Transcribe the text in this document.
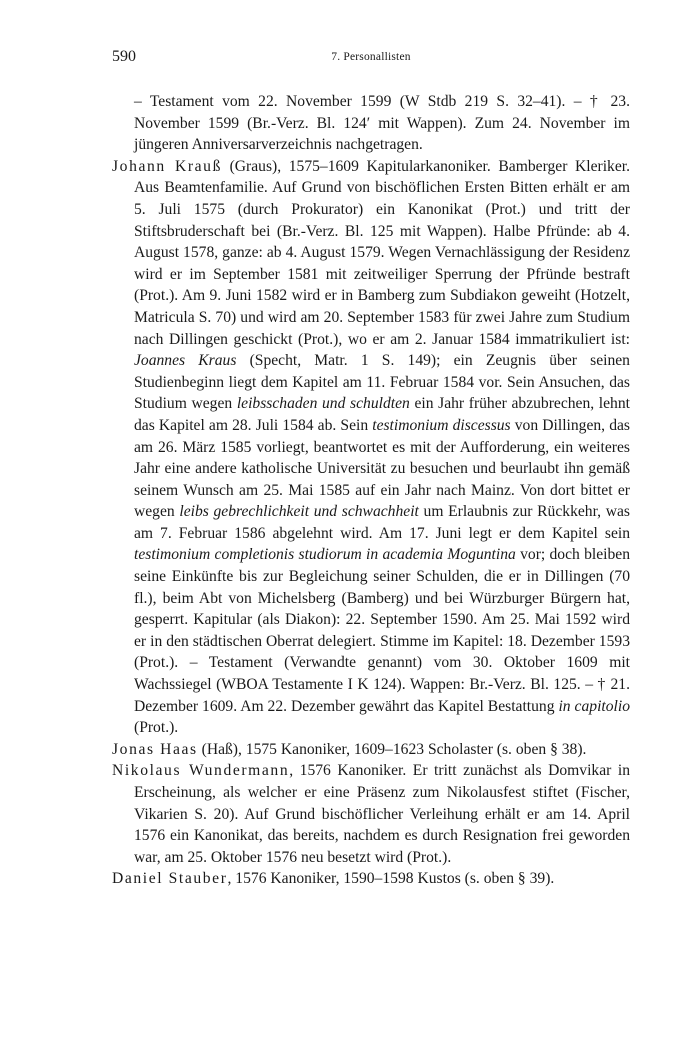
590	7. Personallisten

– Testament vom 22. November 1599 (W Stdb 219 S. 32–41). – † 23. November 1599 (Br.-Verz. Bl. 124′ mit Wappen). Zum 24. November im jüngeren Anniversarverzeichnis nachgetragen.

Johann Krauß (Graus), 1575–1609 Kapitularkanoniker. Bamberger Kleriker. Aus Beamtenfamilie. Auf Grund von bischöflichen Ersten Bitten erhält er am 5. Juli 1575 (durch Prokurator) ein Kanonikat (Prot.) und tritt der Stiftsbruderschaft bei (Br.-Verz. Bl. 125 mit Wappen). Halbe Pfründe: ab 4. August 1578, ganze: ab 4. August 1579. Wegen Vernachlässigung der Residenz wird er im September 1581 mit zeitweiliger Sperrung der Pfründe bestraft (Prot.). Am 9. Juni 1582 wird er in Bamberg zum Subdiakon geweiht (Hotzelt, Matricula S. 70) und wird am 20. September 1583 für zwei Jahre zum Studium nach Dillingen geschickt (Prot.), wo er am 2. Januar 1584 immatrikuliert ist: Joannes Kraus (Specht, Matr. 1 S. 149); ein Zeugnis über seinen Studienbeginn liegt dem Kapitel am 11. Februar 1584 vor. Sein Ansuchen, das Studium wegen leibsschaden und schuldten ein Jahr früher abzubrechen, lehnt das Kapitel am 28. Juli 1584 ab. Sein testimonium discessus von Dillingen, das am 26. März 1585 vorliegt, beantwortet es mit der Aufforderung, ein weiteres Jahr eine andere katholische Universität zu besuchen und beurlaubt ihn gemäß seinem Wunsch am 25. Mai 1585 auf ein Jahr nach Mainz. Von dort bittet er wegen leibs gebrechlichkeit und schwachheit um Erlaubnis zur Rückkehr, was am 7. Februar 1586 abgelehnt wird. Am 17. Juni legt er dem Kapitel sein testimonium completionis studiorum in academia Moguntina vor; doch bleiben seine Einkünfte bis zur Begleichung seiner Schulden, die er in Dillingen (70 fl.), beim Abt von Michelsberg (Bamberg) und bei Würzburger Bürgern hat, gesperrt. Kapitular (als Diakon): 22. September 1590. Am 25. Mai 1592 wird er in den städtischen Oberrat delegiert. Stimme im Kapitel: 18. Dezember 1593 (Prot.). – Testament (Verwandte genannt) vom 30. Oktober 1609 mit Wachssiegel (WBOA Testamente I K 124). Wappen: Br.-Verz. Bl. 125. – † 21. Dezember 1609. Am 22. Dezember gewährt das Kapitel Bestattung in capitolio (Prot.).

Jonas Haas (Haß), 1575 Kanoniker, 1609–1623 Scholaster (s. oben § 38).

Nikolaus Wundermann, 1576 Kanoniker. Er tritt zunächst als Domvikar in Erscheinung, als welcher er eine Präsenz zum Nikolausfest stiftet (Fischer, Vikarien S. 20). Auf Grund bischöflicher Verleihung erhält er am 14. April 1576 ein Kanonikat, das bereits, nachdem es durch Resignation frei geworden war, am 25. Oktober 1576 neu besetzt wird (Prot.).

Daniel Stauber, 1576 Kanoniker, 1590–1598 Kustos (s. oben § 39).
